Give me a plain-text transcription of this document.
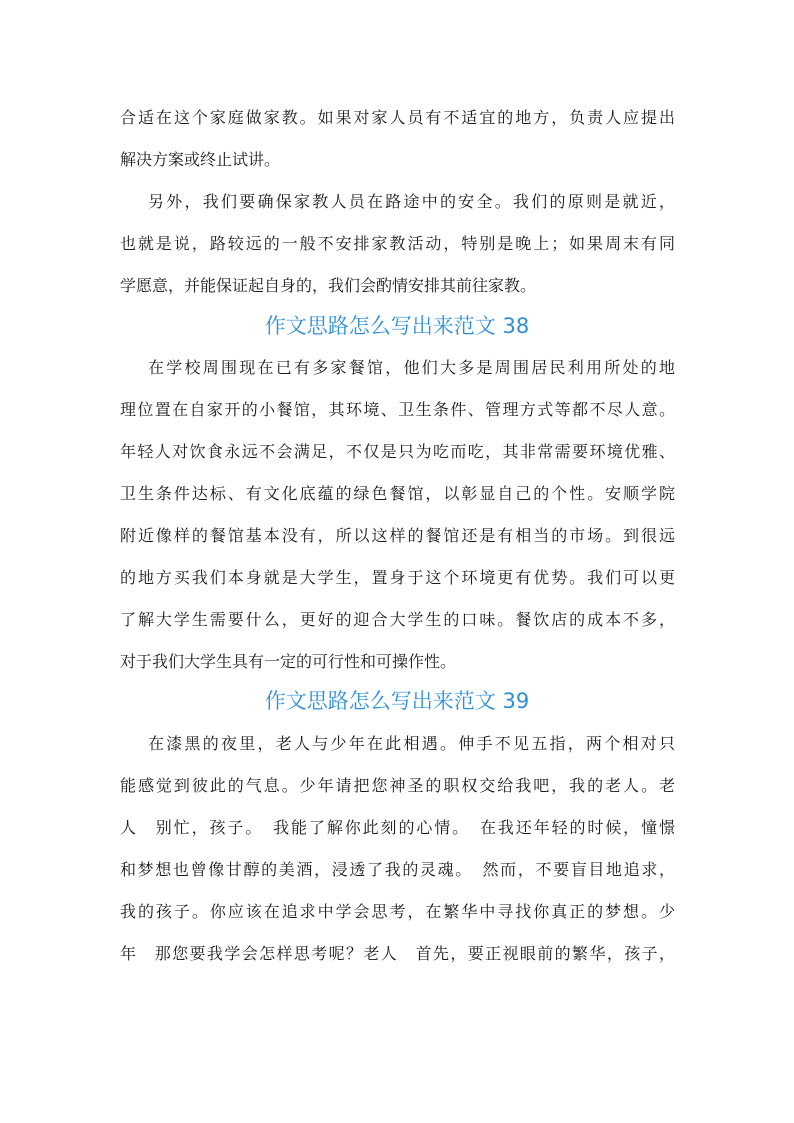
合适在这个家庭做家教。如果对家人员有不适宜的地方，负责人应提出
解决方案或终止试讲。
另外，我们要确保家教人员在路途中的安全。我们的原则是就近，
也就是说，路较远的一般不安排家教活动，特别是晚上；如果周末有同
学愿意，并能保证起自身的，我们会酌情安排其前往家教。
作文思路怎么写出来范文 38
在学校周围现在已有多家餐馆，他们大多是周围居民利用所处的地
理位置在自家开的小餐馆，其环境、卫生条件、管理方式等都不尽人意。
年轻人对饮食永远不会满足，不仅是只为吃而吃，其非常需要环境优雅、
卫生条件达标、有文化底蕴的绿色餐馆，以彰显自己的个性。安顺学院
附近像样的餐馆基本没有，所以这样的餐馆还是有相当的市场。到很远
的地方买我们本身就是大学生，置身于这个环境更有优势。我们可以更
了解大学生需要什么，更好的迎合大学生的口味。餐饮店的成本不多，
对于我们大学生具有一定的可行性和可操作性。
作文思路怎么写出来范文 39
在漆黑的夜里，老人与少年在此相遇。伸手不见五指，两个相对只
能感觉到彼此的气息。少年请把您神圣的职权交给我吧，我的老人。老
人　别忙，孩子。　我能了解你此刻的心情。　在我还年轻的时候，憧憬
和梦想也曾像甘醇的美酒，浸透了我的灵魂。　然而，不要盲目地追求，
我的孩子。你应该在追求中学会思考，在繁华中寻找你真正的梦想。少
年　那您要我学会怎样思考呢？老人　首先，要正视眼前的繁华，孩子，
